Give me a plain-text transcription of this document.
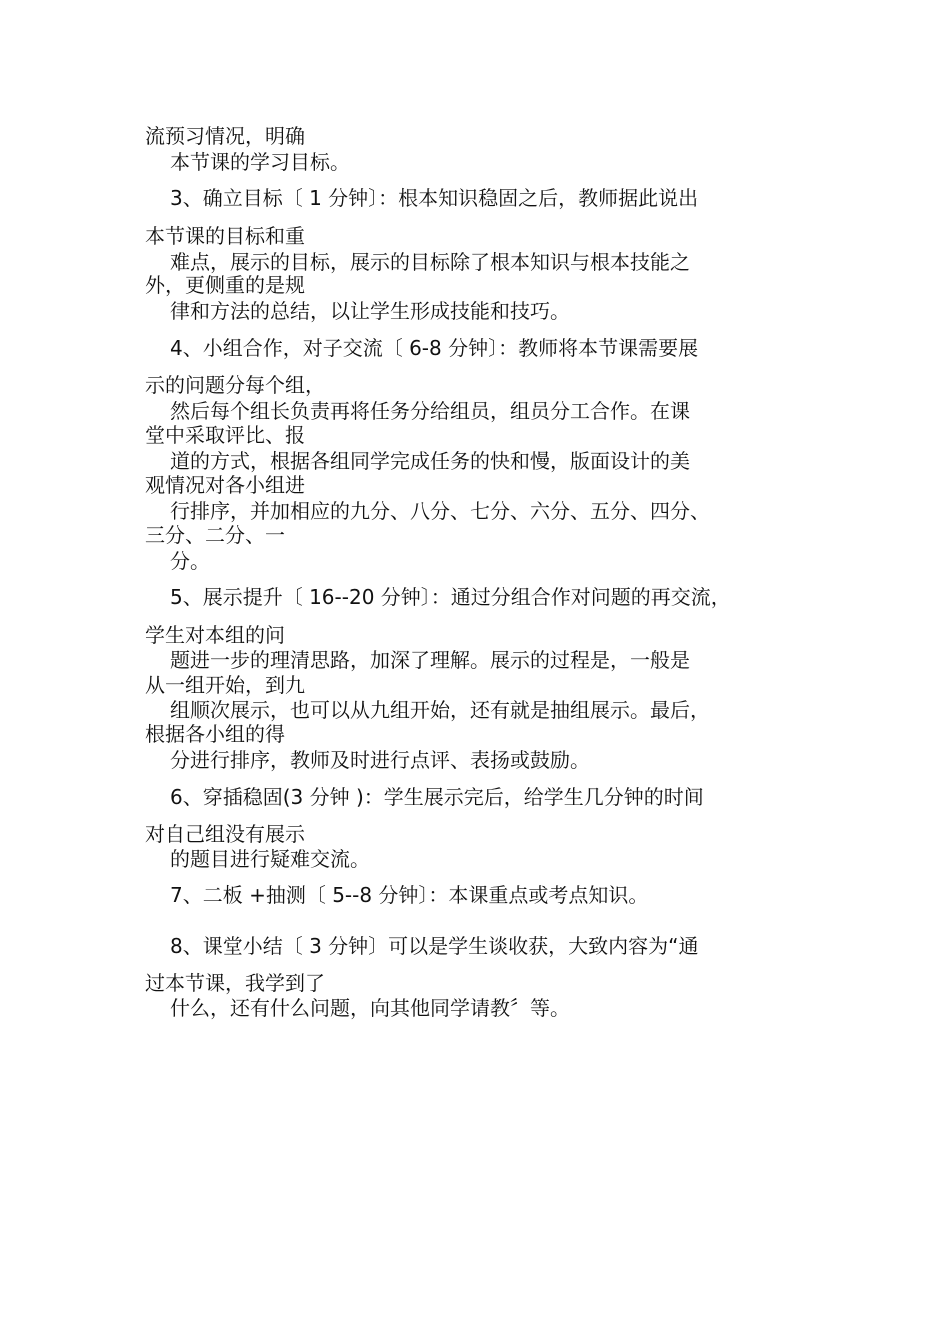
流预习情况，明确
本节课的学习目标。
3、确立目标〔 1 分钟〕：根本知识稳固之后，教师据此说出
本节课的目标和重
难点，展示的目标，展示的目标除了根本知识与根本技能之
外，更侧重的是规
律和方法的总结，以让学生形成技能和技巧。
4、小组合作，对子交流〔 6-8 分钟〕：教师将本节课需要展
示的问题分每个组，
然后每个组长负责再将任务分给组员，组员分工合作。在课
堂中采取评比、报
道的方式，根据各组同学完成任务的快和慢，版面设计的美
观情况对各小组进
行排序，并加相应的九分、八分、七分、六分、五分、四分、
三分、二分、一
分。
5、展示提升〔 16--20 分钟〕：通过分组合作对问题的再交流，
学生对本组的问
题进一步的理清思路，加深了理解。展示的过程是，一般是
从一组开始，到九
组顺次展示，也可以从九组开始，还有就是抽组展示。最后，
根据各小组的得
分进行排序，教师及时进行点评、表扬或鼓励。
6、穿插稳固(3 分钟 )：学生展示完后，给学生几分钟的时间
对自己组没有展示
的题目进行疑难交流。
7、二板 +抽测〔 5--8 分钟〕：本课重点或考点知识。
8、课堂小结〔 3 分钟〕可以是学生谈收获，大致内容为“通
过本节课，我学到了
什么，还有什么问题，向其他同学请教〞等。
